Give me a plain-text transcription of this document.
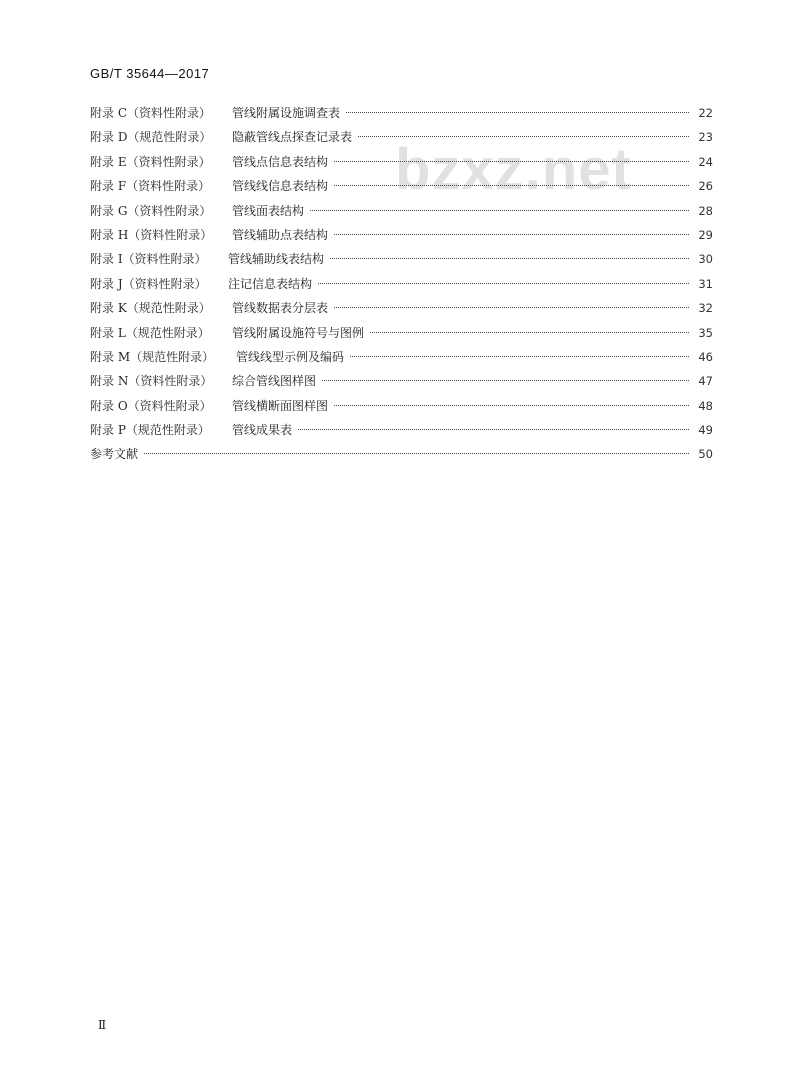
bzxz.net
GB/T 35644—2017
附录 C（资料性附录）	管线附属设施调查表	22
附录 D（规范性附录）	隐蔽管线点探查记录表	23
附录 E（资料性附录）	管线点信息表结构	24
附录 F（资料性附录）	管线线信息表结构	26
附录 G（资料性附录）	管线面表结构	28
附录 H（资料性附录）	管线辅助点表结构	29
附录 I（资料性附录）	管线辅助线表结构	30
附录 J（资料性附录）	注记信息表结构	31
附录 K（规范性附录）	管线数据表分层表	32
附录 L（规范性附录）	管线附属设施符号与图例	35
附录 M（规范性附录）	管线线型示例及编码	46
附录 N（资料性附录）	综合管线图样图	47
附录 O（资料性附录）	管线横断面图样图	48
附录 P（规范性附录）	管线成果表	49
参考文献	50
Ⅱ
